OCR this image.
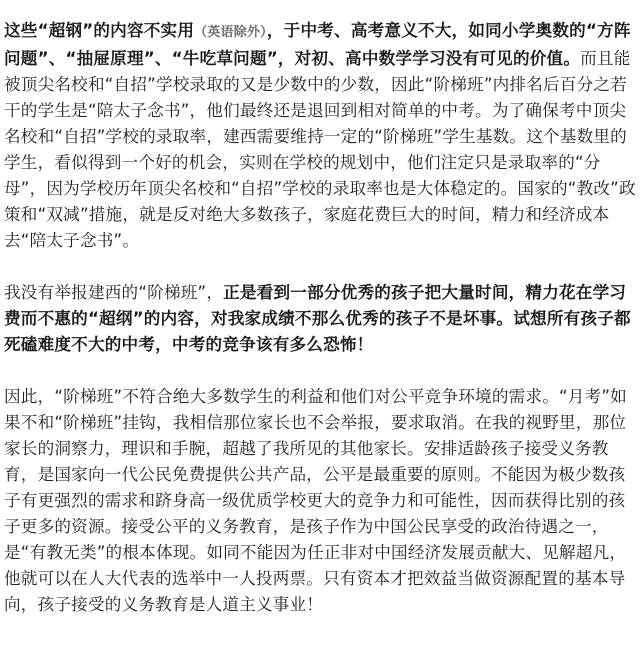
这些“超钢”的内容不实用（英语除外），于中考、高考意义不大，如同小学奥数的“方阵问题”、“抽屉原理”、“牛吃草问题”，对初、高中数学学习没有可见的价值。而且能被顶尖名校和“自招”学校录取的又是少数中的少数，因此“阶梯班”内排名后百分之若干的学生是“陪太子念书”，他们最终还是退回到相对简单的中考。为了确保考中顶尖名校和“自招”学校的录取率，建西需要维持一定的“阶梯班”学生基数。这个基数里的学生，看似得到一个好的机会，实则在学校的规划中，他们注定只是录取率的“分母”，因为学校历年顶尖名校和“自招”学校的录取率也是大体稳定的。国家的“教改”政策和“双减”措施，就是反对绝大多数孩子，家庭花费巨大的时间，精力和经济成本去“陪太子念书”。

我没有举报建西的“阶梯班”，正是看到一部分优秀的孩子把大量时间，精力花在学习费而不惠的“超纲”的内容，对我家成绩不那么优秀的孩子不是坏事。试想所有孩子都死磕难度不大的中考，中考的竞争该有多么恐怖！

因此，“阶梯班”不符合绝大多数学生的利益和他们对公平竞争环境的需求。“月考”如果不和“阶梯班”挂钩，我相信那位家长也不会举报，要求取消。在我的视野里，那位家长的洞察力，理识和手腕，超越了我所见的其他家长。安排适龄孩子接受义务教育，是国家向一代公民免费提供公共产品，公平是最重要的原则。不能因为极少数孩子有更强烈的需求和跻身高一级优质学校更大的竞争力和可能性，因而获得比别的孩子更多的资源。接受公平的义务教育，是孩子作为中国公民享受的政治待遇之一，是“有教无类”的根本体现。如同不能因为任正非对中国经济发展贡献大、见解超凡，他就可以在人大代表的选举中一人投两票。只有资本才把效益当做资源配置的基本导向，孩子接受的义务教育是人道主义事业！
